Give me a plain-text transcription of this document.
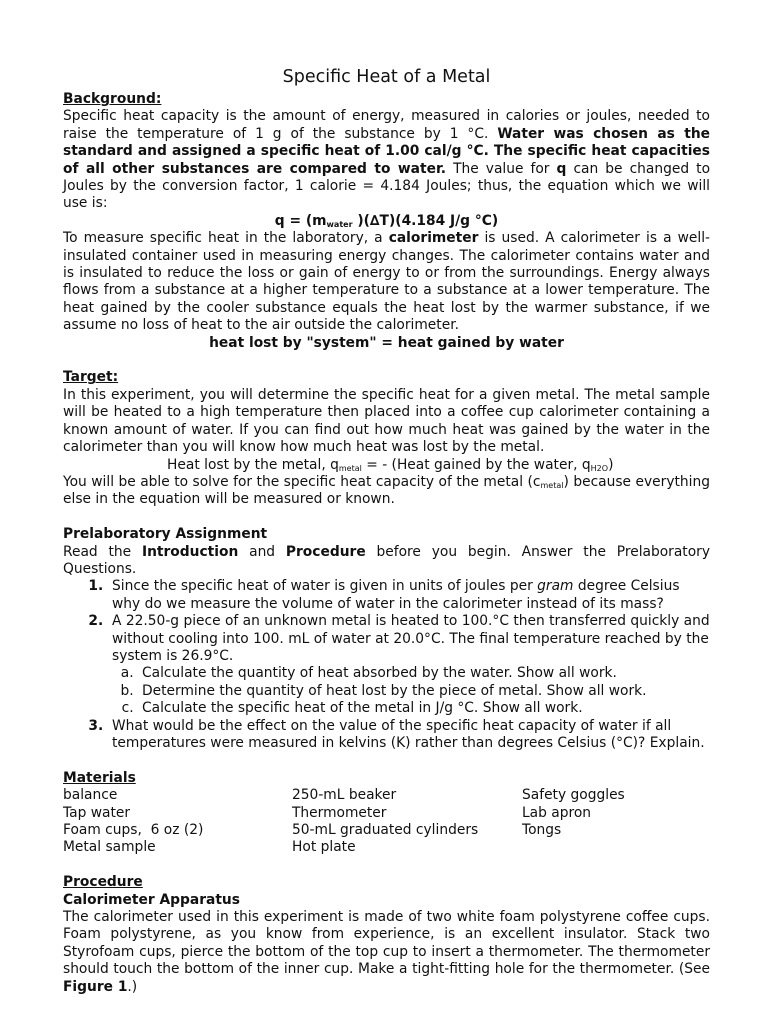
Specific Heat of a Metal
Background:

Specific heat capacity is the amount of energy, measured in calories or joules, needed to raise the temperature of 1 g of the substance by 1 °C. Water was chosen as the standard and assigned a specific heat of 1.00 cal/g °C. The specific heat capacities of all other substances are compared to water. The value for q can be changed to Joules by the conversion factor, 1 calorie = 4.184 Joules; thus, the equation which we will use is:

$q = (m_{water}$ )(∆T)(4.184 J/g °C)

To measure specific heat in the laboratory, a calorimeter is used. A calorimeter is a well-insulated container used in measuring energy changes. The calorimeter contains water and is insulated to reduce the loss or gain of energy to or from the surroundings. Energy always flows from a substance at a higher temperature to a substance at a lower temperature. The heat gained by the cooler substance equals the heat lost by the warmer substance, if we assume no loss of heat to the air outside the calorimeter.

heat lost by "system" = heat gained by water

Target:

In this experiment, you will determine the specific heat for a given metal. The metal sample will be heated to a high temperature then placed into a coffee cup calorimeter containing a known amount of water. If you can find out how much heat was gained by the water in the calorimeter than you will know how much heat was lost by the metal.

Heat lost by the metal, $q_{metal}$ = - (Heat gained by the water, $q_{H2O}$)

You will be able to solve for the specific heat capacity of the metal $(c_{metal})$ because everything else in the equation will be measured or known.

Prelaboratory Assignment

Read the Introduction and Procedure before you begin. Answer the Prelaboratory Questions.

1. Since the specific heat of water is given in units of joules per gram degree Celsius why do we measure the volume of water in the calorimeter instead of its mass?
2. A 22.50-g piece of an unknown metal is heated to 100.°C then transferred quickly and without cooling into 100. mL of water at 20.0°C. The final temperature reached by the system is 26.9°C.
a. Calculate the quantity of heat absorbed by the water. Show all work.
b. Determine the quantity of heat lost by the piece of metal. Show all work.
c. Calculate the specific heat of the metal in J/g °C. Show all work.
3. What would be the effect on the value of the specific heat capacity of water if all temperatures were measured in kelvins (K) rather than degrees Celsius (°C)? Explain.
Materials
balance
Tap water
Foam cups,  6 oz (2)
Metal sample
250-mL beaker
Thermometer
50-mL graduated cylinders
Hot plate
Safety goggles
Lab apron
Tongs
Procedure
Calorimeter Apparatus

The calorimeter used in this experiment is made of two white foam polystyrene coffee cups. Foam polystyrene, as you know from experience, is an excellent insulator. Stack two Styrofoam cups, pierce the bottom of the top cup to insert a thermometer. The thermometer should touch the bottom of the inner cup. Make a tight-fitting hole for the thermometer. (See Figure 1.)
